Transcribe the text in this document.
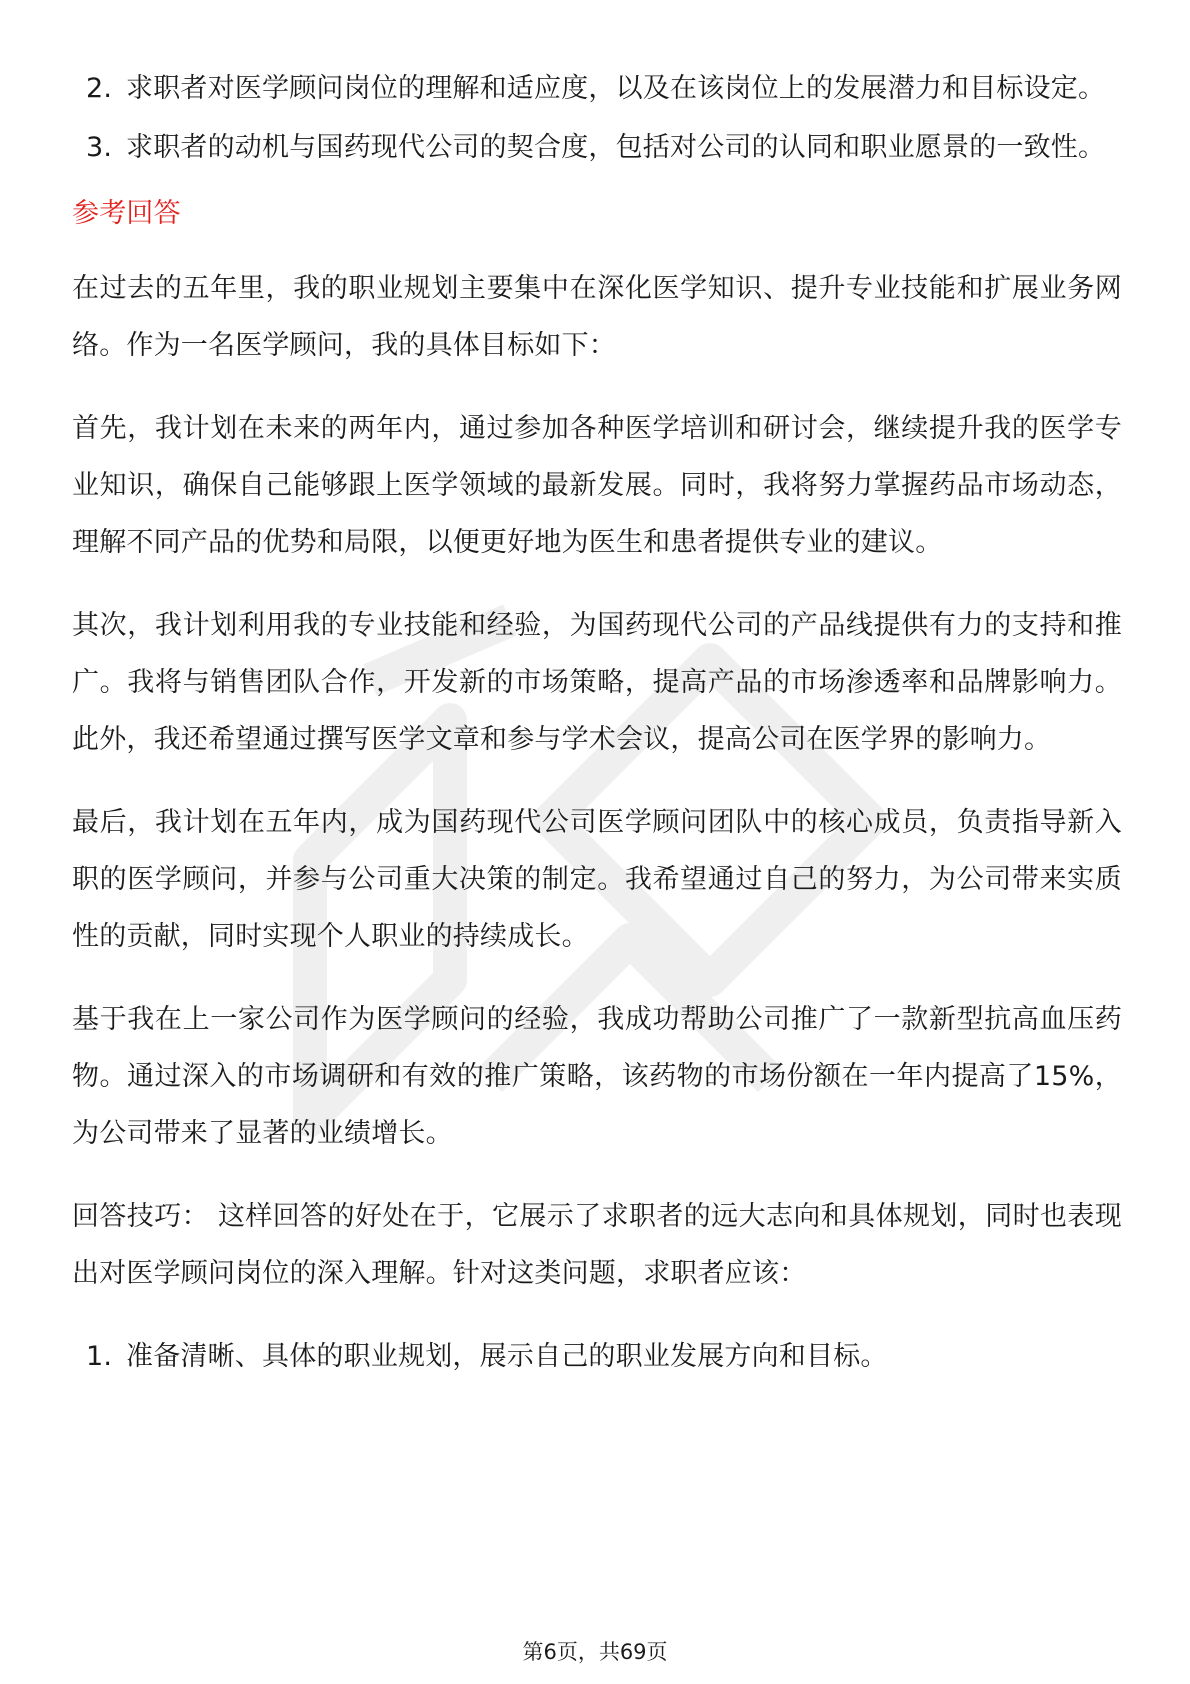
2. 求职者对医学顾问岗位的理解和适应度，以及在该岗位上的发展潜力和目标设定。
3. 求职者的动机与国药现代公司的契合度，包括对公司的认同和职业愿景的一致性。
参考回答

在过去的五年里，我的职业规划主要集中在深化医学知识、提升专业技能和扩展业务网络。作为一名医学顾问，我的具体目标如下：

首先，我计划在未来的两年内，通过参加各种医学培训和研讨会，继续提升我的医学专业知识，确保自己能够跟上医学领域的最新发展。同时，我将努力掌握药品市场动态，理解不同产品的优势和局限，以便更好地为医生和患者提供专业的建议。

其次，我计划利用我的专业技能和经验，为国药现代公司的产品线提供有力的支持和推广。我将与销售团队合作，开发新的市场策略，提高产品的市场渗透率和品牌影响力。此外，我还希望通过撰写医学文章和参与学术会议，提高公司在医学界的影响力。

最后，我计划在五年内，成为国药现代公司医学顾问团队中的核心成员，负责指导新入职的医学顾问，并参与公司重大决策的制定。我希望通过自己的努力，为公司带来实质性的贡献，同时实现个人职业的持续成长。

基于我在上一家公司作为医学顾问的经验，我成功帮助公司推广了一款新型抗高血压药物。通过深入的市场调研和有效的推广策略，该药物的市场份额在一年内提高了15%，为公司带来了显著的业绩增长。

回答技巧： 这样回答的好处在于，它展示了求职者的远大志向和具体规划，同时也表现出对医学顾问岗位的深入理解。针对这类问题，求职者应该：

1. 准备清晰、具体的职业规划，展示自己的职业发展方向和目标。
第6页，共69页
